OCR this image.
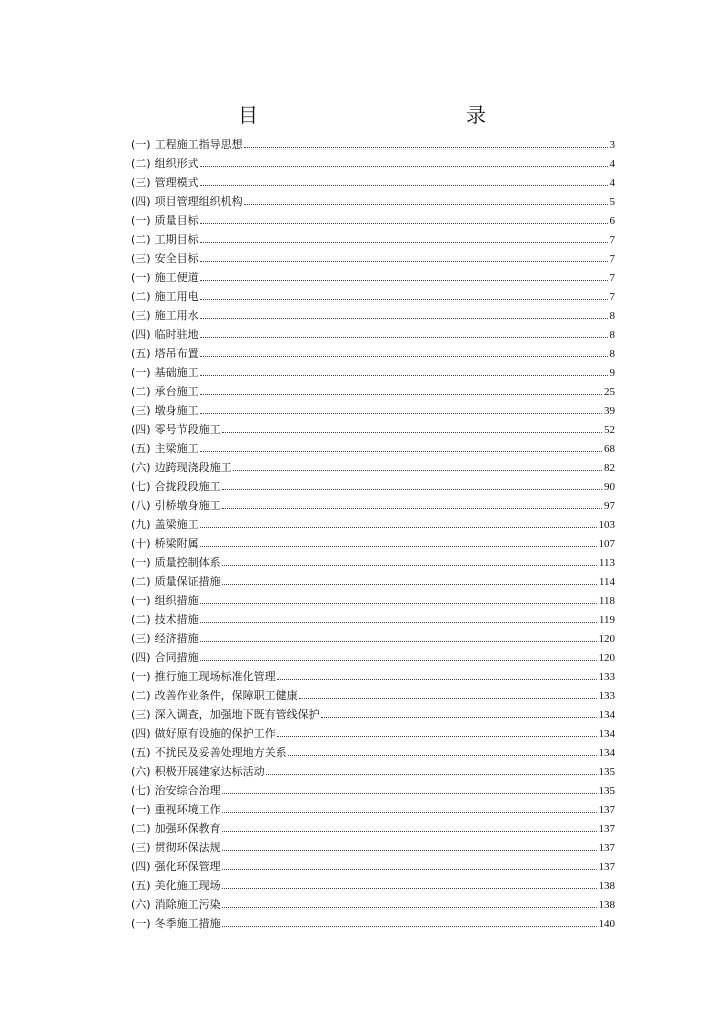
目　　录
(一) 工程施工指导思想	3
(二) 组织形式	4
(三) 管理模式	4
(四) 项目管理组织机构	5
(一) 质量目标	6
(二) 工期目标	7
(三) 安全目标	7
(一) 施工便道	7
(二) 施工用电	7
(三) 施工用水	8
(四) 临时驻地	8
(五) 塔吊布置	8
(一) 基础施工	9
(二) 承台施工	25
(三) 墩身施工	39
(四) 零号节段施工	52
(五) 主梁施工	68
(六) 边跨现浇段施工	82
(七) 合拢段段施工	90
(八) 引桥墩身施工	97
(九) 盖梁施工	103
(十) 桥梁附属	107
(一) 质量控制体系	113
(二) 质量保证措施	114
(一) 组织措施	118
(二) 技术措施	119
(三) 经济措施	120
(四) 合同措施	120
(一) 推行施工现场标准化管理	133
(二) 改善作业条件，保障职工健康	133
(三) 深入调查，加强地下既有管线保护	134
(四) 做好原有设施的保护工作	134
(五) 不扰民及妥善处理地方关系	134
(六) 积极开展建家达标活动	135
(七) 治安综合治理	135
(一) 重视环境工作	137
(二) 加强环保教育	137
(三) 贯彻环保法规	137
(四) 强化环保管理	137
(五) 美化施工现场	138
(六) 消除施工污染	138
(一) 冬季施工措施	140
